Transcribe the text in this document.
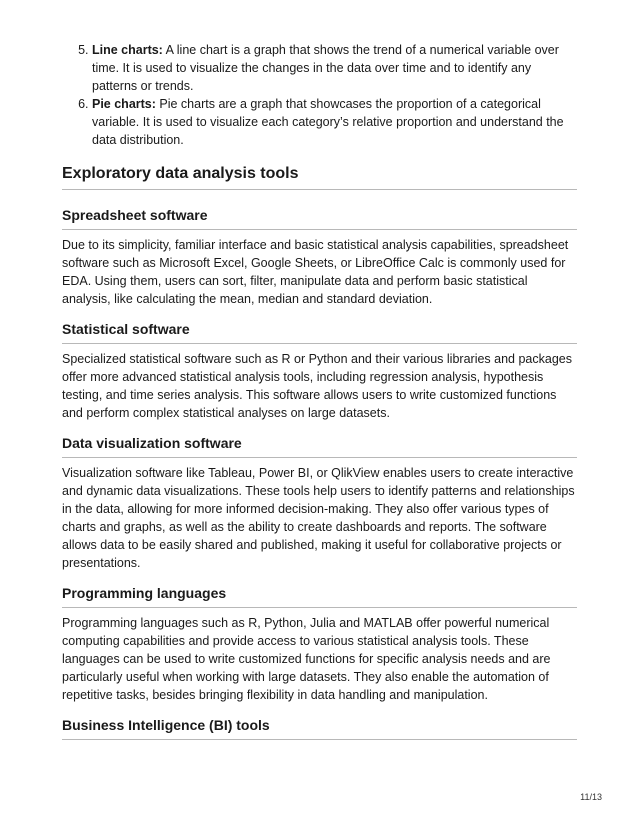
5. Line charts: A line chart is a graph that shows the trend of a numerical variable over time. It is used to visualize the changes in the data over time and to identify any patterns or trends.
6. Pie charts: Pie charts are a graph that showcases the proportion of a categorical variable. It is used to visualize each category’s relative proportion and understand the data distribution.
Exploratory data analysis tools
Spreadsheet software

Due to its simplicity, familiar interface and basic statistical analysis capabilities, spreadsheet software such as Microsoft Excel, Google Sheets, or LibreOffice Calc is commonly used for EDA. Using them, users can sort, filter, manipulate data and perform basic statistical analysis, like calculating the mean, median and standard deviation.

Statistical software

Specialized statistical software such as R or Python and their various libraries and packages offer more advanced statistical analysis tools, including regression analysis, hypothesis testing, and time series analysis. This software allows users to write customized functions and perform complex statistical analyses on large datasets.

Data visualization software

Visualization software like Tableau, Power BI, or QlikView enables users to create interactive and dynamic data visualizations. These tools help users to identify patterns and relationships in the data, allowing for more informed decision-making. They also offer various types of charts and graphs, as well as the ability to create dashboards and reports. The software allows data to be easily shared and published, making it useful for collaborative projects or presentations.

Programming languages

Programming languages such as R, Python, Julia and MATLAB offer powerful numerical computing capabilities and provide access to various statistical analysis tools. These languages can be used to write customized functions for specific analysis needs and are particularly useful when working with large datasets. They also enable the automation of repetitive tasks, besides bringing flexibility in data handling and manipulation.

Business Intelligence (BI) tools
11/13
